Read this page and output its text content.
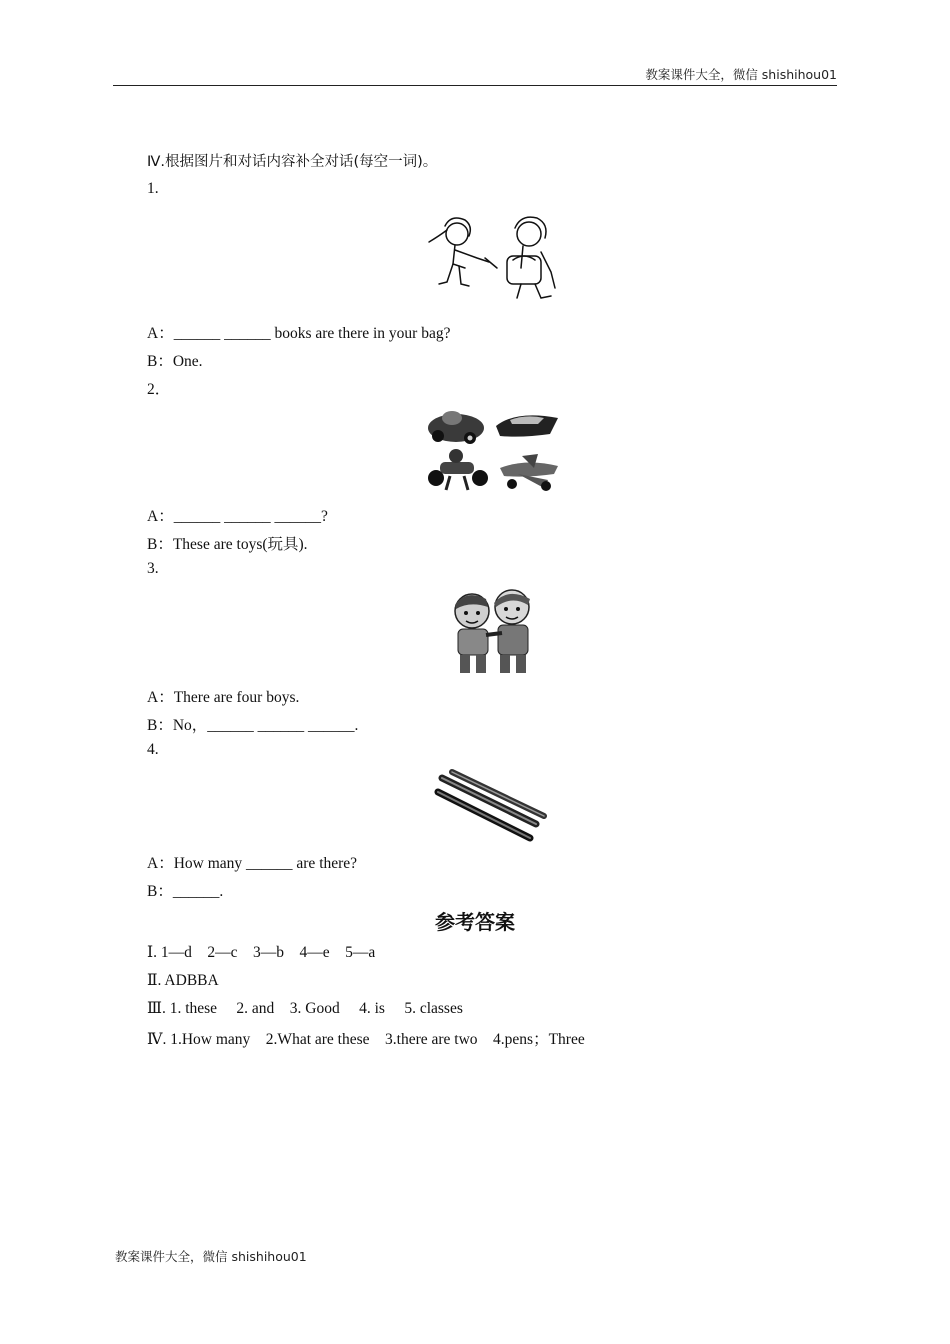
教案课件大全，微信 shishihou01
Ⅳ.根据图片和对话内容补全对话(每空一词)。
1.
A：______ ______ books are there in your bag?
B：One.
2．
A：______ ______ ______?
B：These are toys(玩具).
3.
A：There are four boys.
B：No，______ ______ ______.
4.
A：How many ______ are there?
B：______.
参考答案
Ⅰ. 1—d    2—c    3—b    4—e    5—a
Ⅱ. ADBBA
Ⅲ. 1. these     2. and    3. Good     4. is     5. classes
Ⅳ. 1.How many    2.What are these    3.there are two    4.pens；Three
教案课件大全，微信 shishihou01
